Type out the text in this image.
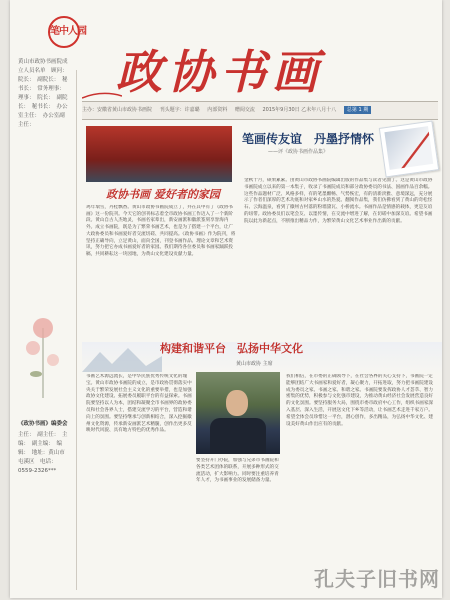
笔中人园
政协书画
主办：安徽省黄山市政协书画院 刊头题字：许嘉璐 内部资料 赠阅交流 2015年9月30日 乙未年八月十八 总第 1 期
黄山市政协书画院成立人员名单　顾问：　院长：　副院长：　秘书长：　常务理事：　理事：　院长：　副院长：　秘书长：　办公室主任：　办公室副主任：
《政协书画》编委会
主任：　副主任：　主编：　副主编：　编辑：　地址：黄山市屯溪区　电话：0559-2326***
政协书画 爱好者的家园
鸡年瑞雪，丹桂飘香。黄山市政协书画院成立了，并在其中有了《政协书画》这一份院刊。今天它的创刊标志着全市政协书画工作迈入了一个新阶段。黄山自古人杰地灵，书画名家辈出，新安画派和徽派篆刻享誉海内外。成立书画院，既是为了繁荣书画艺术，也是为了搭建一个平台，让广大政协委员和书画爱好者交流切磋、共同提高。《政协书画》作为院刊，将坚持正确导向，立足黄山，面向全国，刊登书画作品、理论文章和艺术资讯，努力把它办成书画爱好者的家园。我们期待各位委员和书画家踊跃投稿，共同耕耘这一块园地，为黄山文化建设贡献力量。
笔画传友谊　丹墨抒情怀
——评《政协书画作品集》
金秋十月，硕果累累。由黄山市政协书画院编辑出版的作品集与读者见面了。这是黄山市政协书画院成立以来的第一本集子，收录了书画院成员和部分政协委员的书法、国画作品百余幅。这些作品题材广泛、风格多样，有的笔墨酣畅、气势恢宏，有的清新淡雅、意境深远，充分展示了作者们深厚的艺术功底和对家乡山水的热爱。翻阅作品集，我们仿佛看到了黄山的奇松怪石、云海温泉，看到了徽州古村落的粉墙黛瓦、小桥流水。书画作品是情感的载体，更是友谊的纽带。政协委员们以笔会友、以墨传情，在交流中增进了解，在切磋中加深友谊。希望书画院以此为新起点，不断推出精品力作，为繁荣黄山文化艺术事业作出新的贡献。
构建和谐平台　弘扬中华文化
黄山市政协 主席
书画艺术源远流长，是中华民族优秀传统文化的瑰宝。黄山市政协书画院的成立，是市政协贯彻落实中央关于繁荣发展社会主义文化的重要举措，也是加强政协文化建设、拓展委员履职平台的有益探索。书画院要坚持以人为本，团结和凝聚全市书画界的政协委员和社会各界人士，搭建交流学习的平台，营造和谐向上的氛围。要坚持继承与创新相结合，深入挖掘徽州文化资源，传承新安画派艺术精髓，创作出更多反映时代风貌、具有地方特色的优秀作品。
要坚持开门办院，加强与兄弟市书画院和各类艺术团体的联系，开展多种形式的交流活动，扩大影响力。同时要注重培养青年人才，为书画事业的发展储备力量。
我们相信，在市委的正确领导下，在社会各界的关心支持下，书画院一定能够团结广大书画家和爱好者，凝心聚力，开拓进取，努力把书画院建设成为委员之家、书画之家、和谐之家。书画院要发挥政协人才荟萃、智力密集的优势，积极参与文化强市建设，为推动黄山经济社会发展营造良好的文化氛围。要坚持服务大局，围绕市委市政府中心工作，组织书画家深入基层、深入生活，开展送文化下乡等活动，让书画艺术走进千家万户。希望全体会员珍惜这一平台，潜心创作，多出精品，为弘扬中华文化、建设美好黄山作出应有的贡献。
孔夫子旧书网
